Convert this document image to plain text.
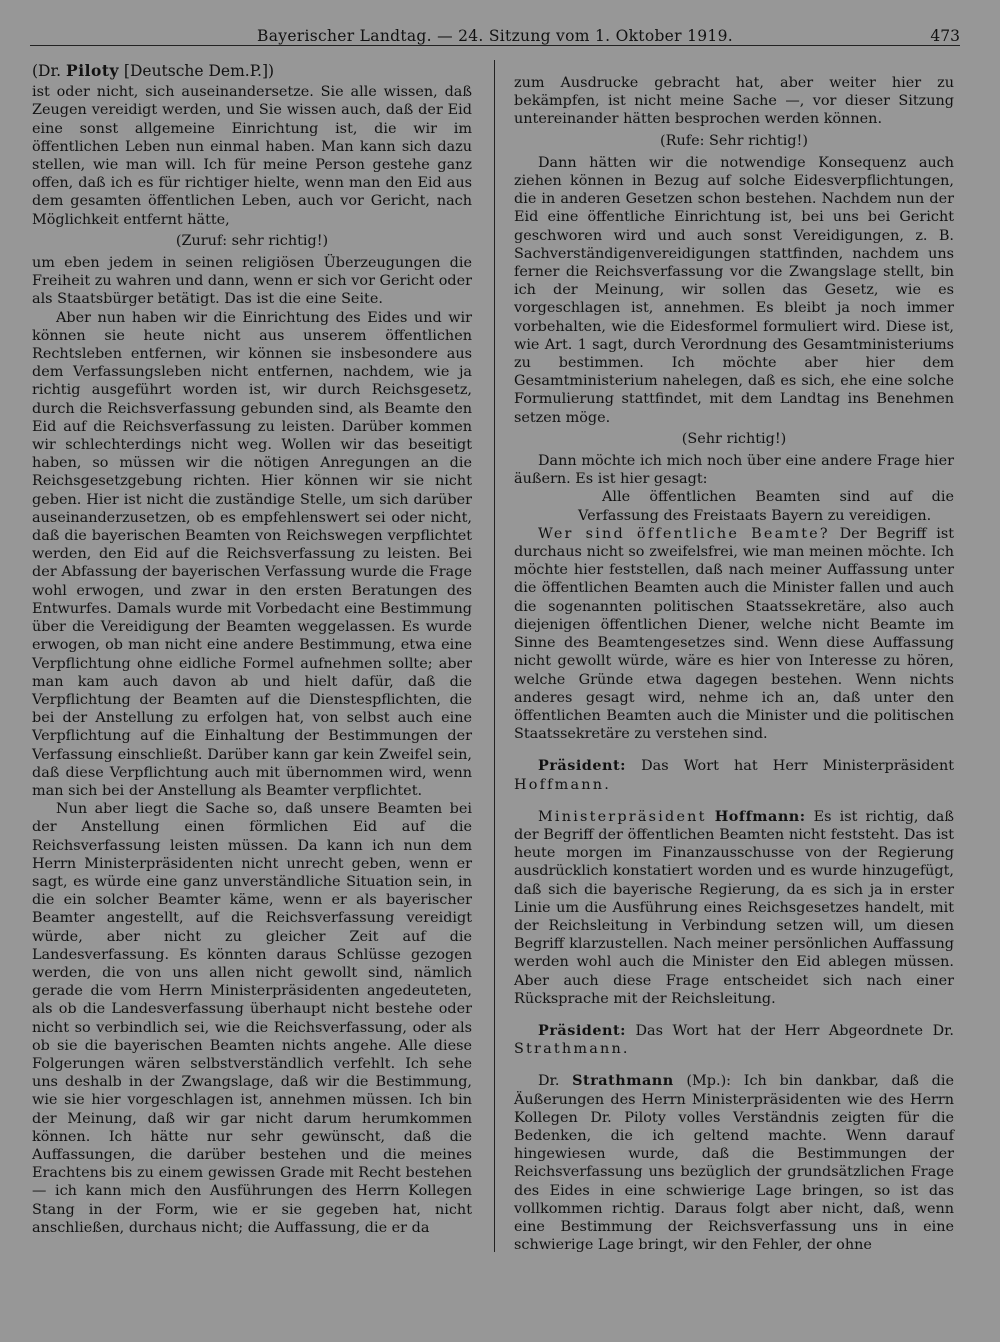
Bayerischer Landtag. — 24. Sitzung vom 1. Oktober 1919.	473
(Dr. Piloty [Deutsche Dem.P.])

ist oder nicht, sich auseinandersetze. Sie alle wissen, daß Zeugen vereidigt werden, und Sie wissen auch, daß der Eid eine sonst allgemeine Einrichtung ist, die wir im öffentlichen Leben nun einmal haben. Man kann sich dazu stellen, wie man will. Ich für meine Person gestehe ganz offen, daß ich es für richtiger hielte, wenn man den Eid aus dem gesamten öffentlichen Leben, auch vor Gericht, nach Möglichkeit entfernt hätte,

(Zuruf: sehr richtig!)

um eben jedem in seinen religiösen Überzeugungen die Freiheit zu wahren und dann, wenn er sich vor Gericht oder als Staatsbürger betätigt. Das ist die eine Seite.

Aber nun haben wir die Einrichtung des Eides und wir können sie heute nicht aus unserem öffentlichen Rechtsleben entfernen, wir können sie insbesondere aus dem Verfassungsleben nicht entfernen, nachdem, wie ja richtig ausgeführt worden ist, wir durch Reichsgesetz, durch die Reichsverfassung gebunden sind, als Beamte den Eid auf die Reichsverfassung zu leisten. Darüber kommen wir schlechterdings nicht weg. Wollen wir das beseitigt haben, so müssen wir die nötigen Anregungen an die Reichsgesetzgebung richten. Hier können wir sie nicht geben. Hier ist nicht die zuständige Stelle, um sich darüber auseinanderzusetzen, ob es empfehlenswert sei oder nicht, daß die bayerischen Beamten von Reichswegen verpflichtet werden, den Eid auf die Reichsverfassung zu leisten. Bei der Abfassung der bayerischen Verfassung wurde die Frage wohl erwogen, und zwar in den ersten Beratungen des Entwurfes. Damals wurde mit Vorbedacht eine Bestimmung über die Vereidigung der Beamten weggelassen. Es wurde erwogen, ob man nicht eine andere Bestimmung, etwa eine Verpflichtung ohne eidliche Formel aufnehmen sollte; aber man kam auch davon ab und hielt dafür, daß die Verpflichtung der Beamten auf die Dienstespflichten, die bei der Anstellung zu erfolgen hat, von selbst auch eine Verpflichtung auf die Einhaltung der Bestimmungen der Verfassung einschließt. Darüber kann gar kein Zweifel sein, daß diese Verpflichtung auch mit übernommen wird, wenn man sich bei der Anstellung als Beamter verpflichtet.

Nun aber liegt die Sache so, daß unsere Beamten bei der Anstellung einen förmlichen Eid auf die Reichsverfassung leisten müssen. Da kann ich nun dem Herrn Ministerpräsidenten nicht unrecht geben, wenn er sagt, es würde eine ganz unverständliche Situation sein, in die ein solcher Beamter käme, wenn er als bayerischer Beamter angestellt, auf die Reichsverfassung vereidigt würde, aber nicht zu gleicher Zeit auf die Landesverfassung. Es könnten daraus Schlüsse gezogen werden, die von uns allen nicht gewollt sind, nämlich gerade die vom Herrn Ministerpräsidenten angedeuteten, als ob die Landesverfassung überhaupt nicht bestehe oder nicht so verbindlich sei, wie die Reichsverfassung, oder als ob sie die bayerischen Beamten nichts angehe. Alle diese Folgerungen wären selbstverständlich verfehlt. Ich sehe uns deshalb in der Zwangslage, daß wir die Bestimmung, wie sie hier vorgeschlagen ist, annehmen müssen. Ich bin der Meinung, daß wir gar nicht darum herumkommen können. Ich hätte nur sehr gewünscht, daß die Auffassungen, die darüber bestehen und die meines Erachtens bis zu einem gewissen Grade mit Recht bestehen — ich kann mich den Ausführungen des Herrn Kollegen Stang in der Form, wie er sie gegeben hat, nicht anschließen, durchaus nicht; die Auffassung, die er da

zum Ausdrucke gebracht hat, aber weiter hier zu bekämpfen, ist nicht meine Sache —, vor dieser Sitzung untereinander hätten besprochen werden können.

(Rufe: Sehr richtig!)

Dann hätten wir die notwendige Konsequenz auch ziehen können in Bezug auf solche Eidesverpflichtungen, die in anderen Gesetzen schon bestehen. Nachdem nun der Eid eine öffentliche Einrichtung ist, bei uns bei Gericht geschworen wird und auch sonst Vereidigungen, z. B. Sachverständigenvereidigungen stattfinden, nachdem uns ferner die Reichsverfassung vor die Zwangslage stellt, bin ich der Meinung, wir sollen das Gesetz, wie es vorgeschlagen ist, annehmen. Es bleibt ja noch immer vorbehalten, wie die Eidesformel formuliert wird. Diese ist, wie Art. 1 sagt, durch Verordnung des Gesamtministeriums zu bestimmen. Ich möchte aber hier dem Gesamtministerium nahelegen, daß es sich, ehe eine solche Formulierung stattfindet, mit dem Landtag ins Benehmen setzen möge.

(Sehr richtig!)

Dann möchte ich mich noch über eine andere Frage hier äußern. Es ist hier gesagt:

Alle öffentlichen Beamten sind auf die Verfassung des Freistaats Bayern zu vereidigen.

Wer sind öffentliche Beamte? Der Begriff ist durchaus nicht so zweifelsfrei, wie man meinen möchte. Ich möchte hier feststellen, daß nach meiner Auffassung unter die öffentlichen Beamten auch die Minister fallen und auch die sogenannten politischen Staatssekretäre, also auch diejenigen öffentlichen Diener, welche nicht Beamte im Sinne des Beamtengesetzes sind. Wenn diese Auffassung nicht gewollt würde, wäre es hier von Interesse zu hören, welche Gründe etwa dagegen bestehen. Wenn nichts anderes gesagt wird, nehme ich an, daß unter den öffentlichen Beamten auch die Minister und die politischen Staatssekretäre zu verstehen sind.

Präsident: Das Wort hat Herr Ministerpräsident Hoffmann.

Ministerpräsident Hoffmann: Es ist richtig, daß der Begriff der öffentlichen Beamten nicht feststeht. Das ist heute morgen im Finanzausschusse von der Regierung ausdrücklich konstatiert worden und es wurde hinzugefügt, daß sich die bayerische Regierung, da es sich ja in erster Linie um die Ausführung eines Reichsgesetzes handelt, mit der Reichsleitung in Verbindung setzen will, um diesen Begriff klarzustellen. Nach meiner persönlichen Auffassung werden wohl auch die Minister den Eid ablegen müssen. Aber auch diese Frage entscheidet sich nach einer Rücksprache mit der Reichsleitung.

Präsident: Das Wort hat der Herr Abgeordnete Dr. Strathmann.

Dr. Strathmann (Mp.): Ich bin dankbar, daß die Äußerungen des Herrn Ministerpräsidenten wie des Herrn Kollegen Dr. Piloty volles Verständnis zeigten für die Bedenken, die ich geltend machte. Wenn darauf hingewiesen wurde, daß die Bestimmungen der Reichsverfassung uns bezüglich der grundsätzlichen Frage des Eides in eine schwierige Lage bringen, so ist das vollkommen richtig. Daraus folgt aber nicht, daß, wenn eine Bestimmung der Reichsverfassung uns in eine schwierige Lage bringt, wir den Fehler, der ohne
